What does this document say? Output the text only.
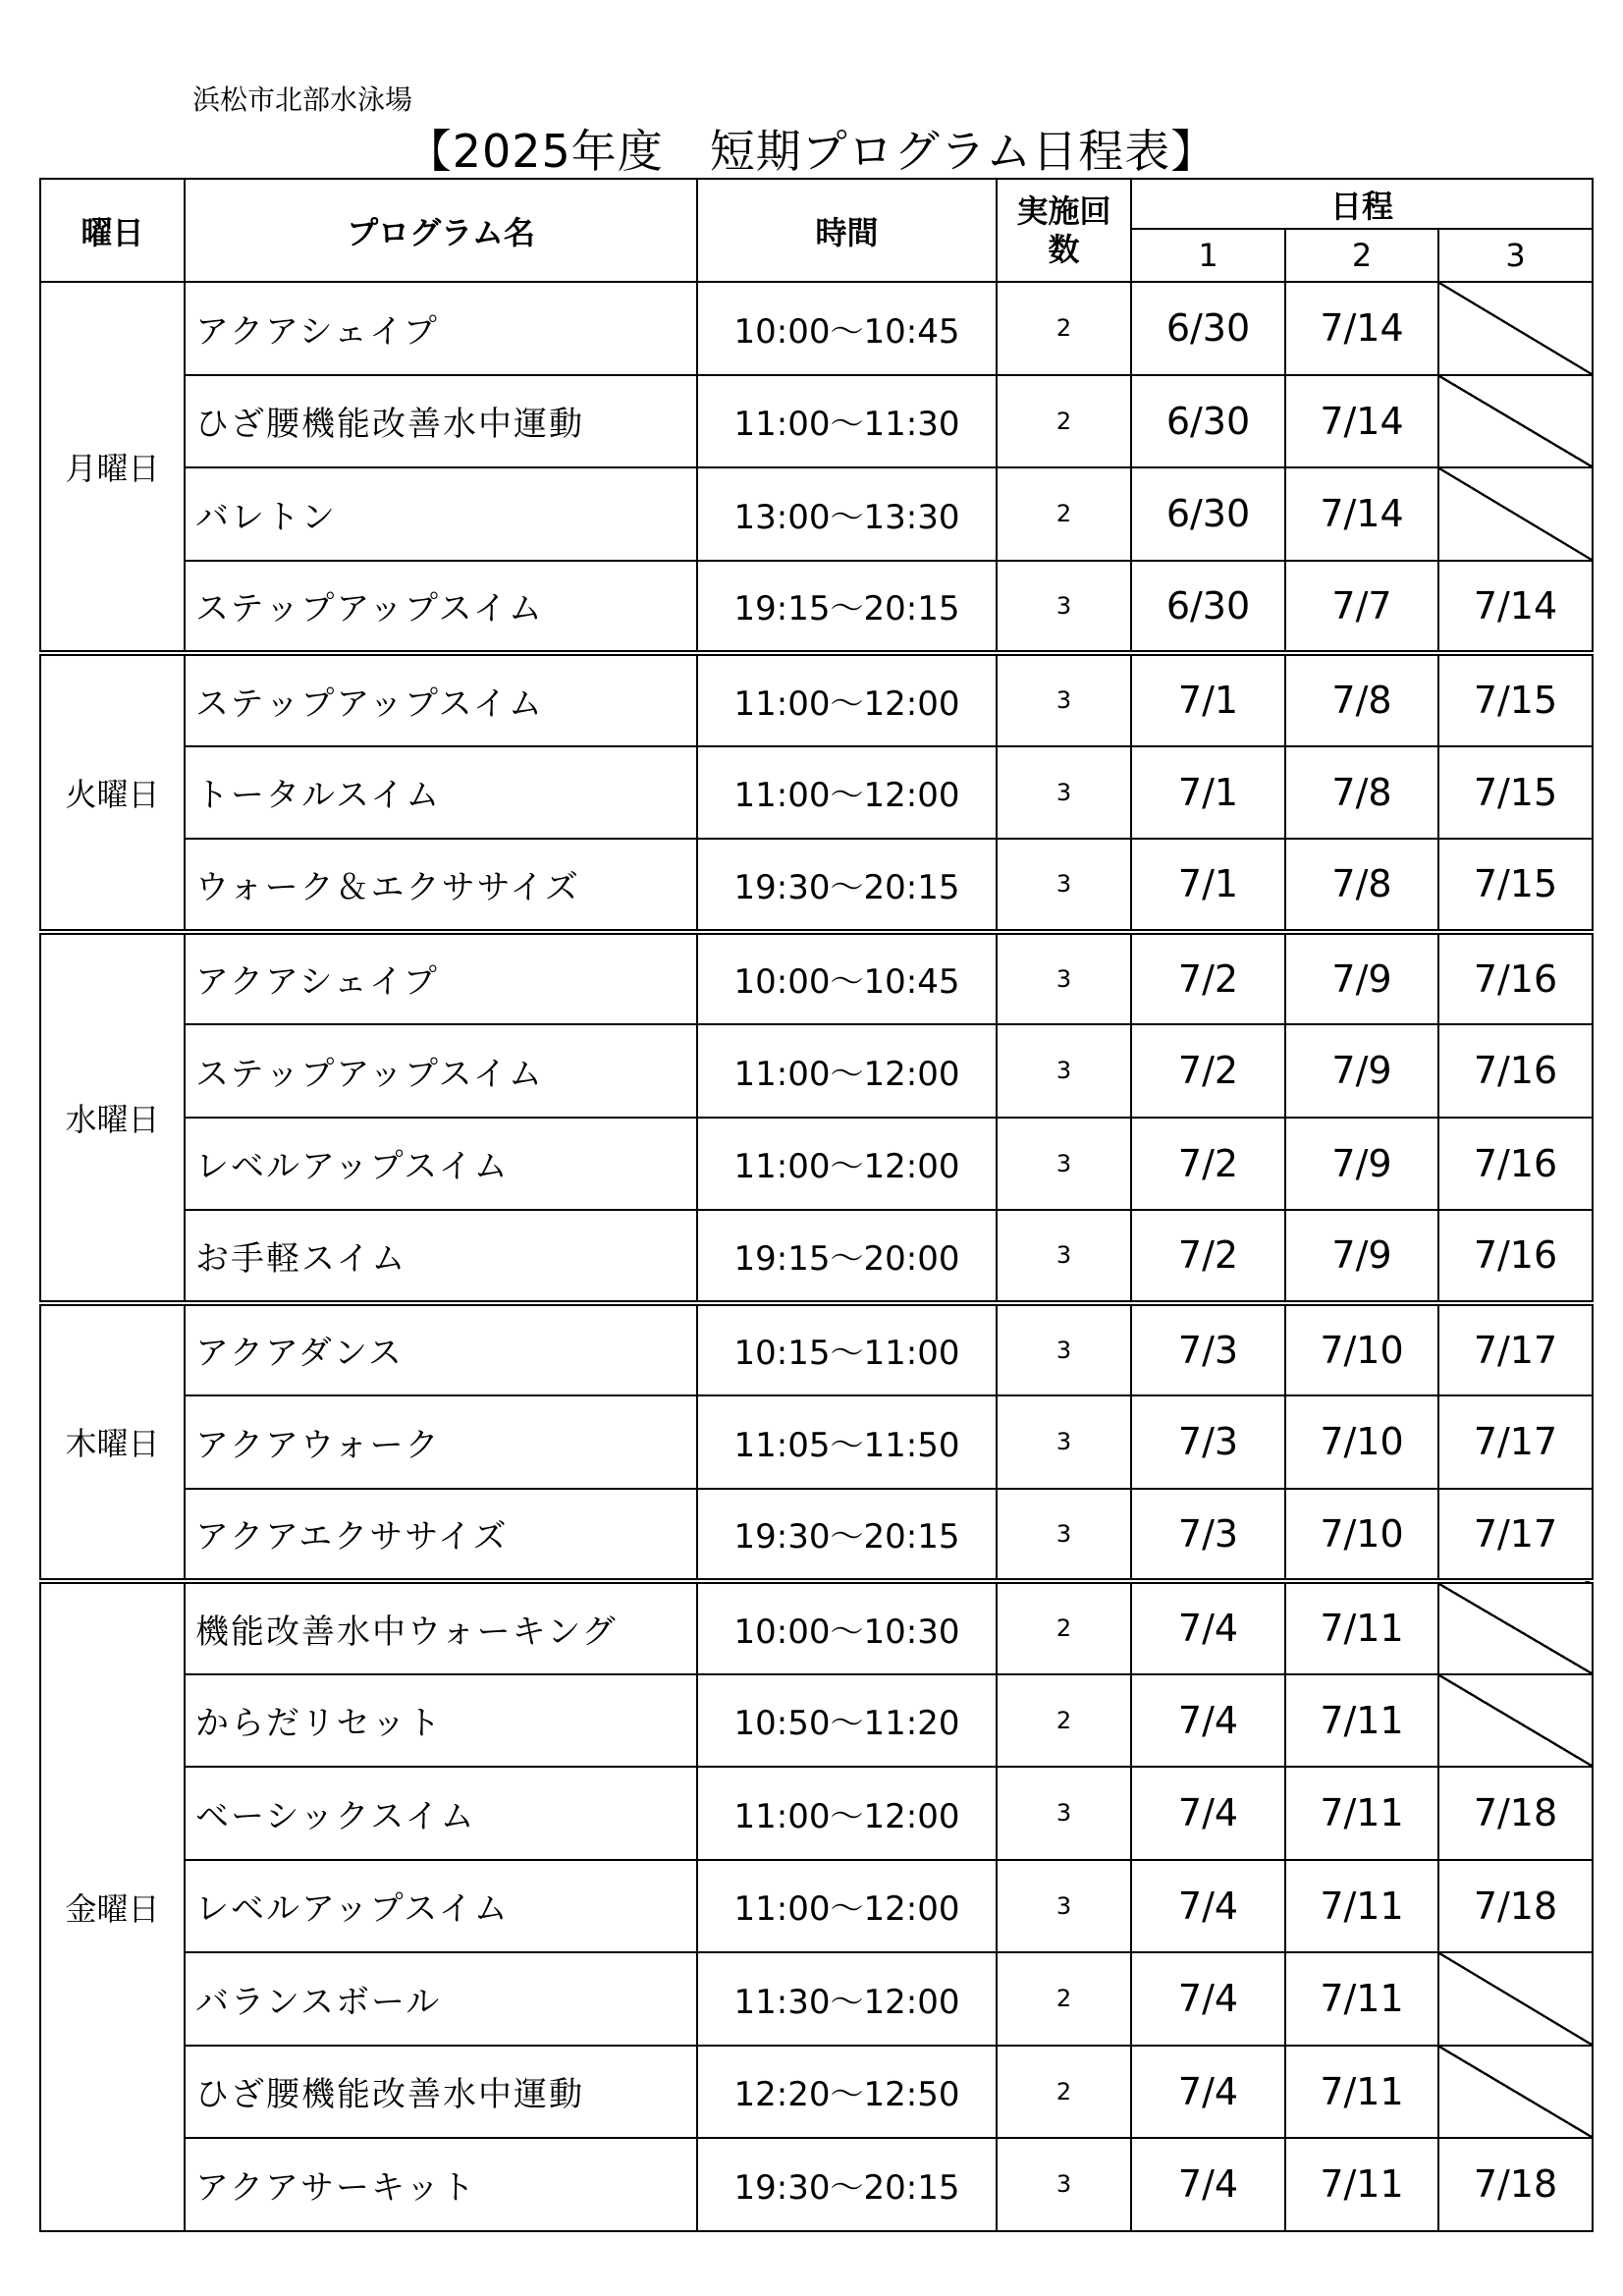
浜松市北部水泳場
【2025年度　短期プログラム日程表】
曜日	プログラム名	時間	実施回数	日程		
				1	2	3
月曜日	アクアシェイプ	10:00～10:45	2	6/30	7/14	
	ひざ腰機能改善水中運動	11:00～11:30	2	6/30	7/14	
	バレトン	13:00～13:30	2	6/30	7/14	
	ステップアップスイム	19:15～20:15	3	6/30	7/7	7/14
火曜日	ステップアップスイム	11:00～12:00	3	7/1	7/8	7/15
	トータルスイム	11:00～12:00	3	7/1	7/8	7/15
	ウォーク＆エクササイズ	19:30～20:15	3	7/1	7/8	7/15
水曜日	アクアシェイプ	10:00～10:45	3	7/2	7/9	7/16
	ステップアップスイム	11:00～12:00	3	7/2	7/9	7/16
	レベルアップスイム	11:00～12:00	3	7/2	7/9	7/16
	お手軽スイム	19:15～20:00	3	7/2	7/9	7/16
木曜日	アクアダンス	10:15～11:00	3	7/3	7/10	7/17
	アクアウォーク	11:05～11:50	3	7/3	7/10	7/17
	アクアエクササイズ	19:30～20:15	3	7/3	7/10	7/17
金曜日	機能改善水中ウォーキング	10:00～10:30	2	7/4	7/11	
	からだリセット	10:50～11:20	2	7/4	7/11	
	ベーシックスイム	11:00～12:00	3	7/4	7/11	7/18
	レベルアップスイム	11:00～12:00	3	7/4	7/11	7/18
	バランスボール	11:30～12:00	2	7/4	7/11	
	ひざ腰機能改善水中運動	12:20～12:50	2	7/4	7/11	
	アクアサーキット	19:30～20:15	3	7/4	7/11	7/18
